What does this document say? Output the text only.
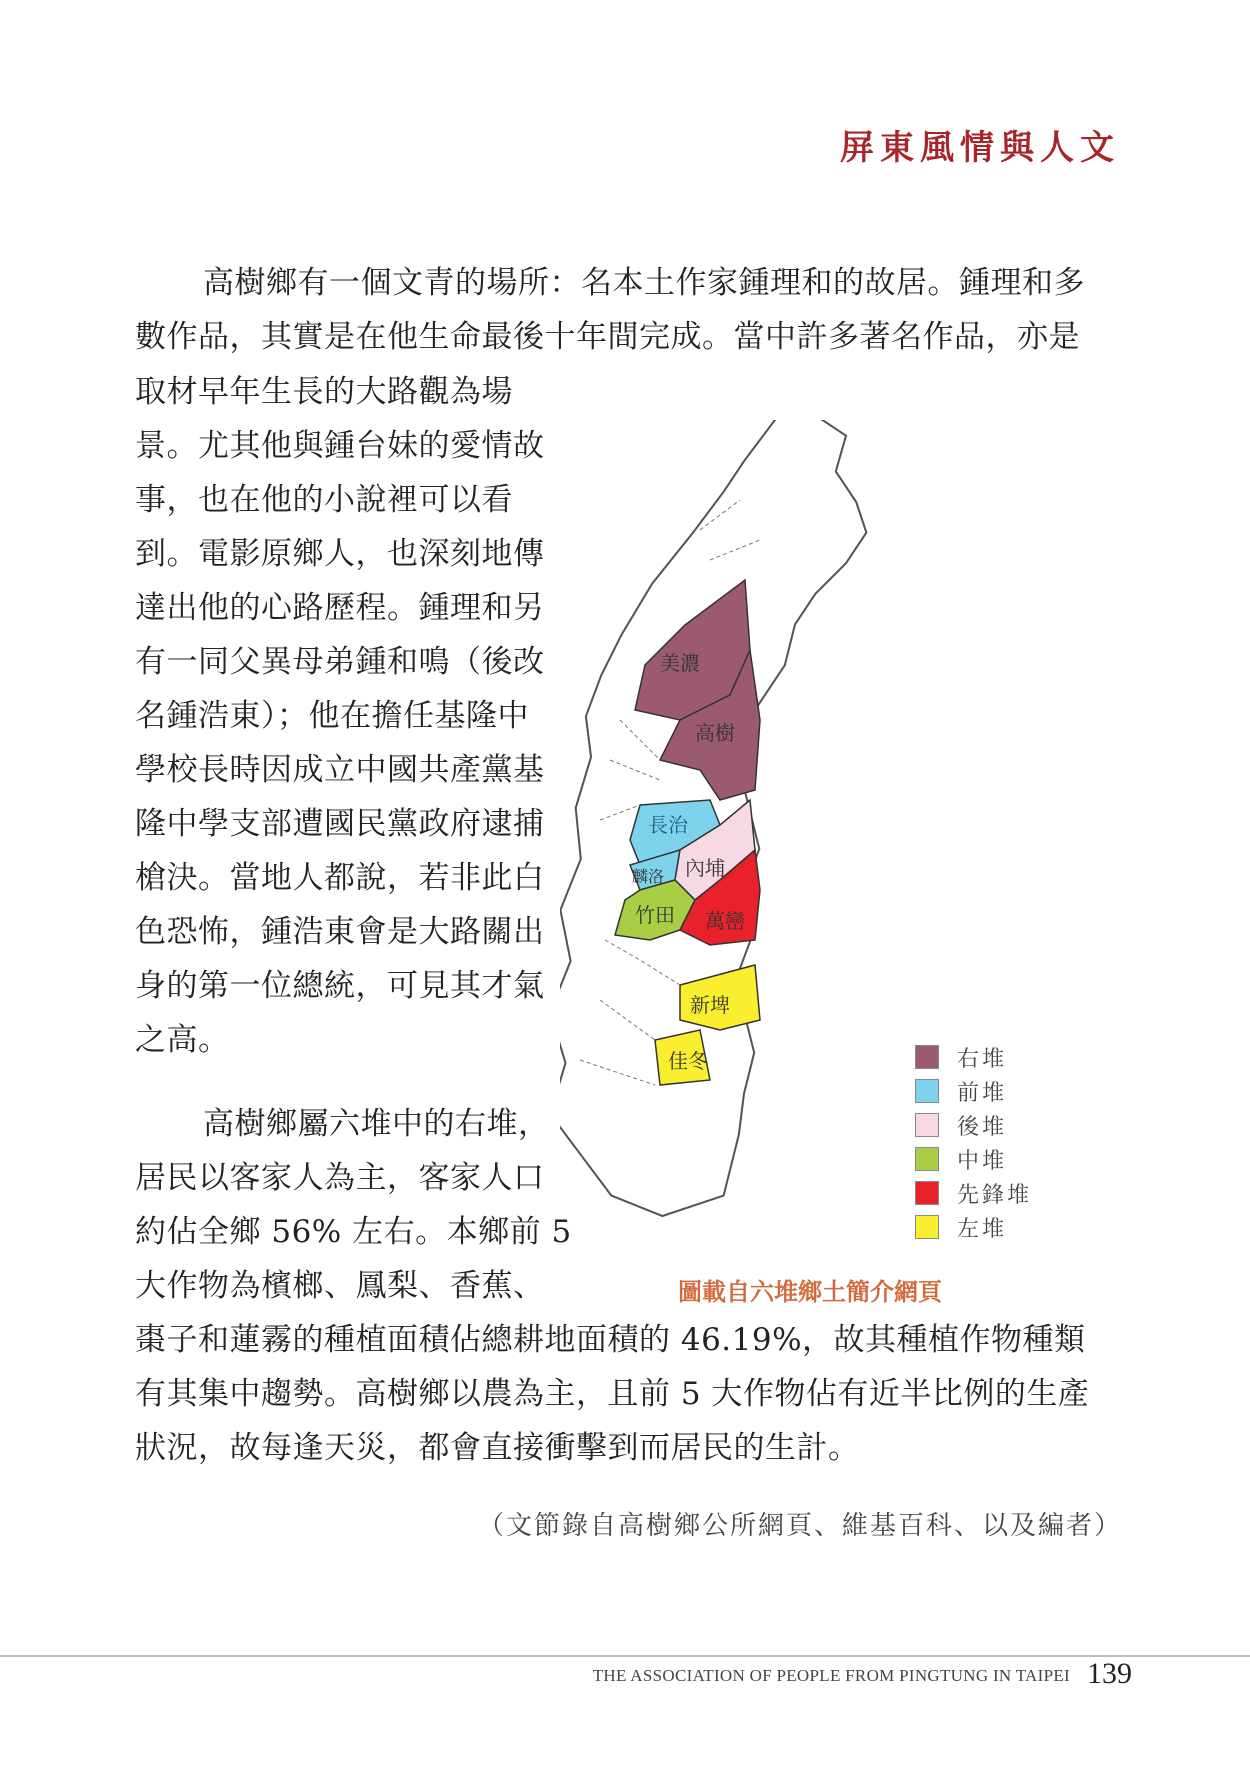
屏東風情與人文

高樹鄉有一個文青的場所：名本土作家鍾理和的故居。鍾理和多
數作品，其實是在他生命最後十年間完成。當中許多著名作品，亦是

取材早年生長的大路觀為場
景。尤其他與鍾台妹的愛情故
事，也在他的小說裡可以看
到。電影原鄉人，也深刻地傳
達出他的心路歷程。鍾理和另
有一同父異母弟鍾和鳴（後改
名鍾浩東）；他在擔任基隆中
學校長時因成立中國共產黨基
隆中學支部遭國民黨政府逮捕
槍決。當地人都說，若非此白
色恐怖，鍾浩東會是大路關出
身的第一位總統，可見其才氣
之高。

高樹鄉屬六堆中的右堆，
居民以客家人為主，客家人口
約佔全鄉 56% 左右。本鄉前 5
大作物為檳榔、鳳梨、香蕉、

棗子和蓮霧的種植面積佔總耕地面積的 46.19%，故其種植作物種類
有其集中趨勢。高樹鄉以農為主，且前 5 大作物佔有近半比例的生產
狀況，故每逢天災，都會直接衝擊到而居民的生計。

美濃
高樹
長治
內埔
麟洛
竹田 萬巒
新埤
佳冬	右堆
前堆
後堆
中堆
先鋒堆
左堆
圖載自六堆鄉土簡介網頁
（文節錄自高樹鄉公所網頁、維基百科、以及編者）
THE ASSOCIATION OF PEOPLE FROM PINGTUNG IN TAIPEI 139
